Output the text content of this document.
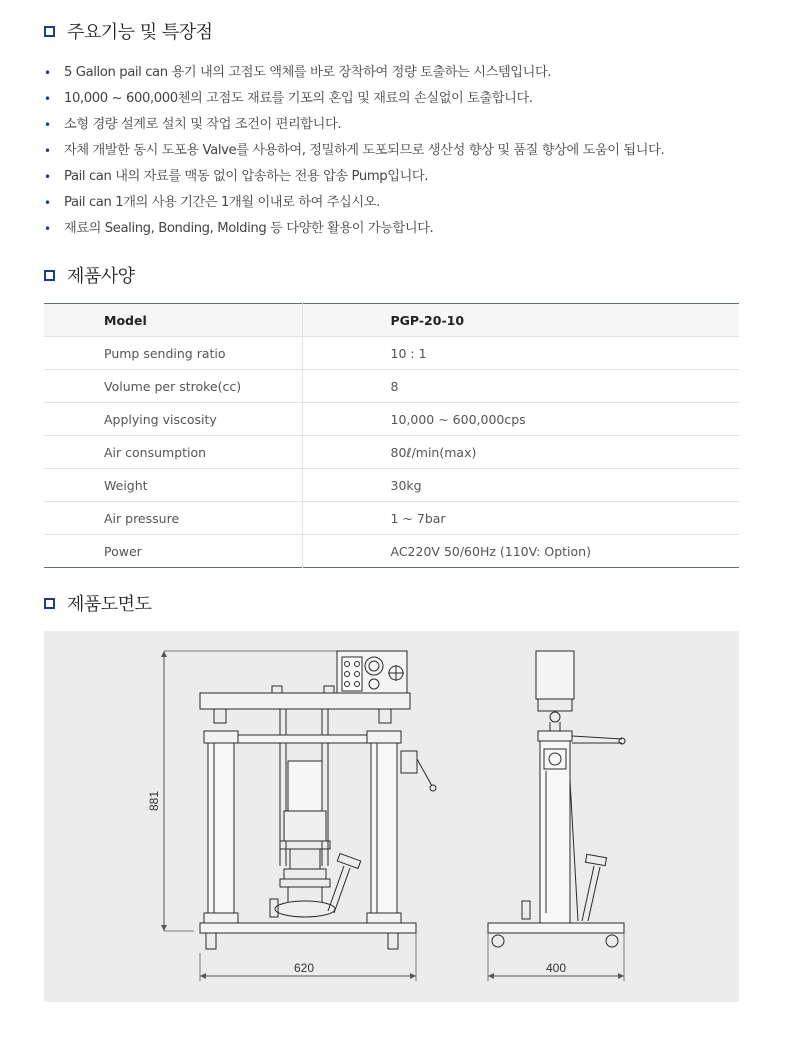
주요기능 및 특장점
• 5 Gallon pail can 용기 내의 고점도 액체를 바로 장착하여 정량 토출하는 시스템입니다.
• 10,000 ~ 600,000첸의 고점도 재료를 기포의 혼입 및 재료의 손실없이 토출합니다.
• 소형 경량 설계로 설치 및 작업 조건이 편리합니다.
• 자체 개발한 동시 도포용 Valve를 사용하여, 정밀하게 도포되므로 생산성 향상 및 품질 향상에 도움이 됩니다.
• Pail can 내의 자료를 맥동 없이 압송하는 전용 압송 Pump입니다.
• Pail can 1개의 사용 기간은 1개월 이내로 하여 주십시오.
• 재료의 Sealing, Bonding, Molding 등 다양한 활용이 가능합니다.
제품사양
Model	PGP-20-10
Pump sending ratio	10 : 1
Volume per stroke(cc)	8
Applying viscosity	10,000 ~ 600,000cps
Air consumption	80ℓ/min(max)
Weight	30kg
Air pressure	1 ~ 7bar
Power	AC220V 50/60Hz (110V: Option)
제품도면도
881
620	400
